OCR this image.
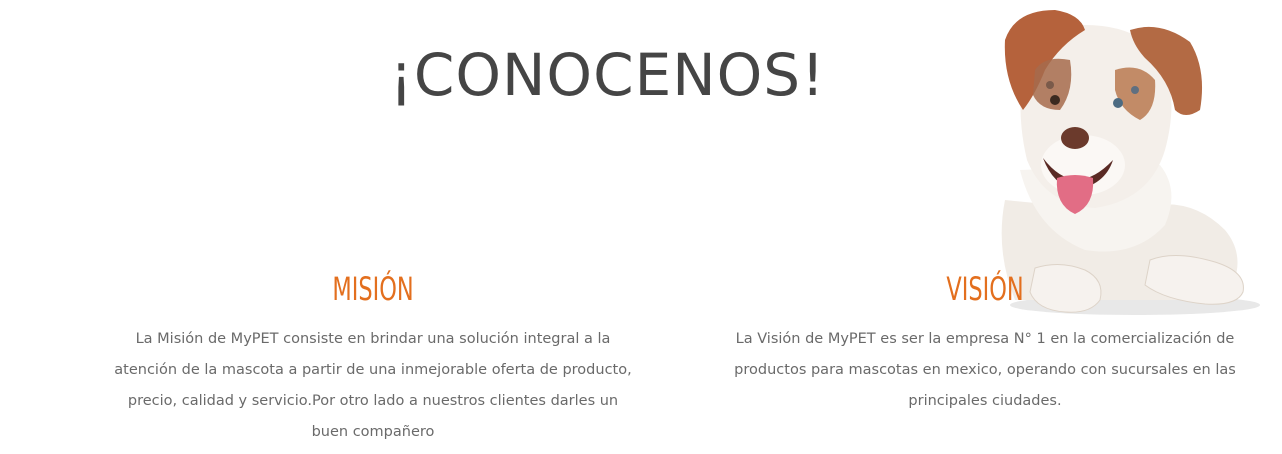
¡CONOCENOS!
MISIÓN

La Misión de MyPET consiste en brindar una solución integral a la atención de la mascota a partir de una inmejorable oferta de producto, precio, calidad y servicio.Por otro lado a nuestros clientes darles un buen compañero

VISIÓN

La Visión de MyPET es ser la empresa N° 1 en la comercialización de productos para mascotas en mexico, operando con sucursales en las principales ciudades.
